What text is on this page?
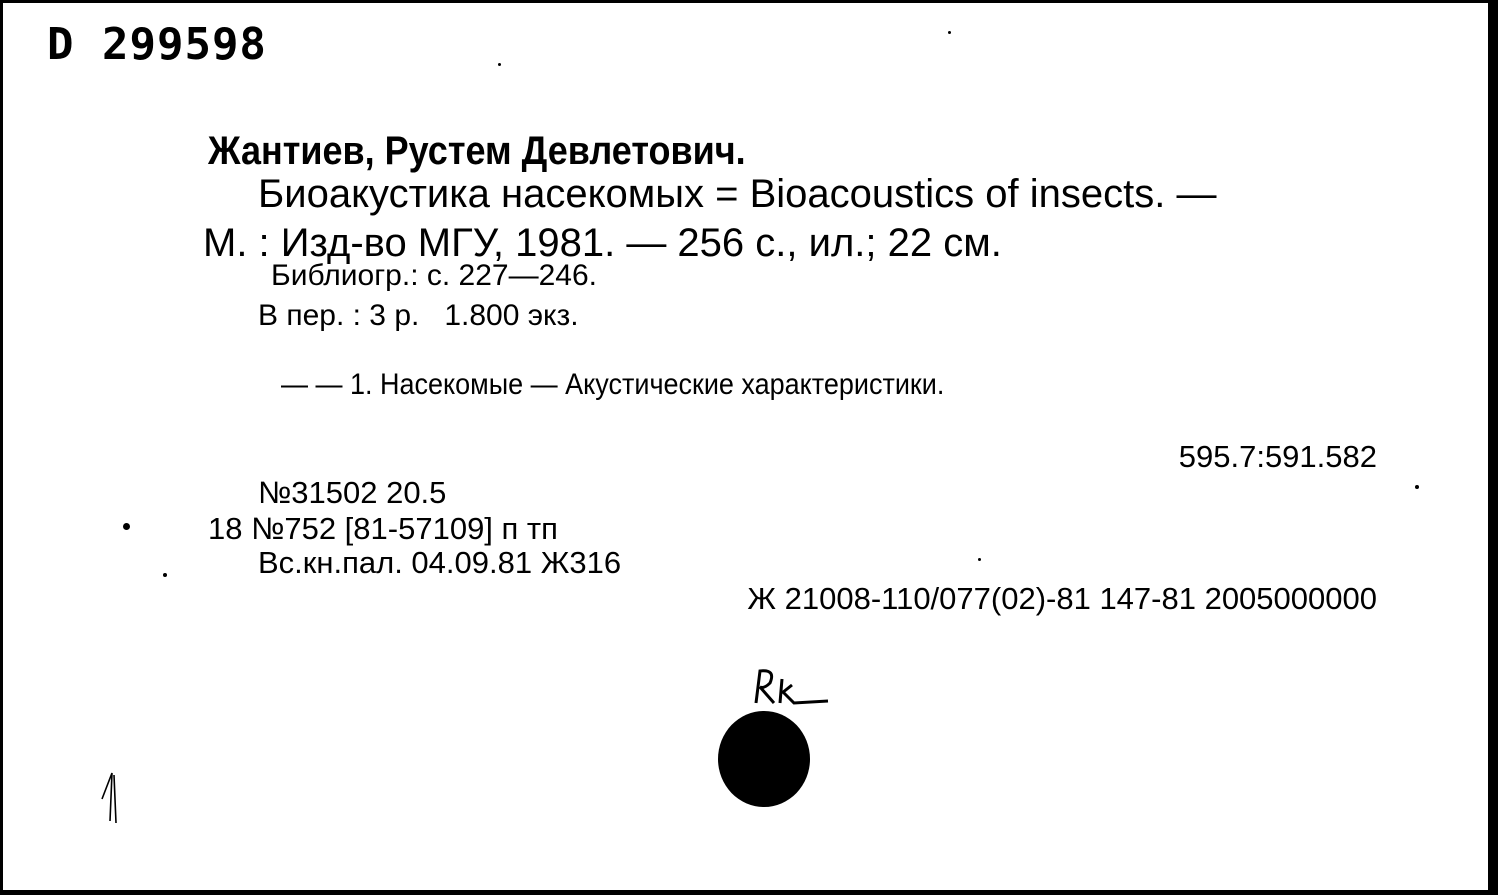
D 299598
Жантиев, Рустем Девлетович.
Биоакустика насекомых = Bioacoustics of insects. —
М. : Изд-во МГУ, 1981. — 256 с., ил.; 22 см.
Библиогр.: с. 227—246.
В пер. : 3 р.   1.800 экз.
— — 1. Насекомые — Акустические характеристики.
595.7:591.582
№31502 20.5
18 №752 [81-57109] п тп
Вс.кн.пал. 04.09.81 Ж316
Ж 21008-110/077(02)-81 147-81 2005000000
